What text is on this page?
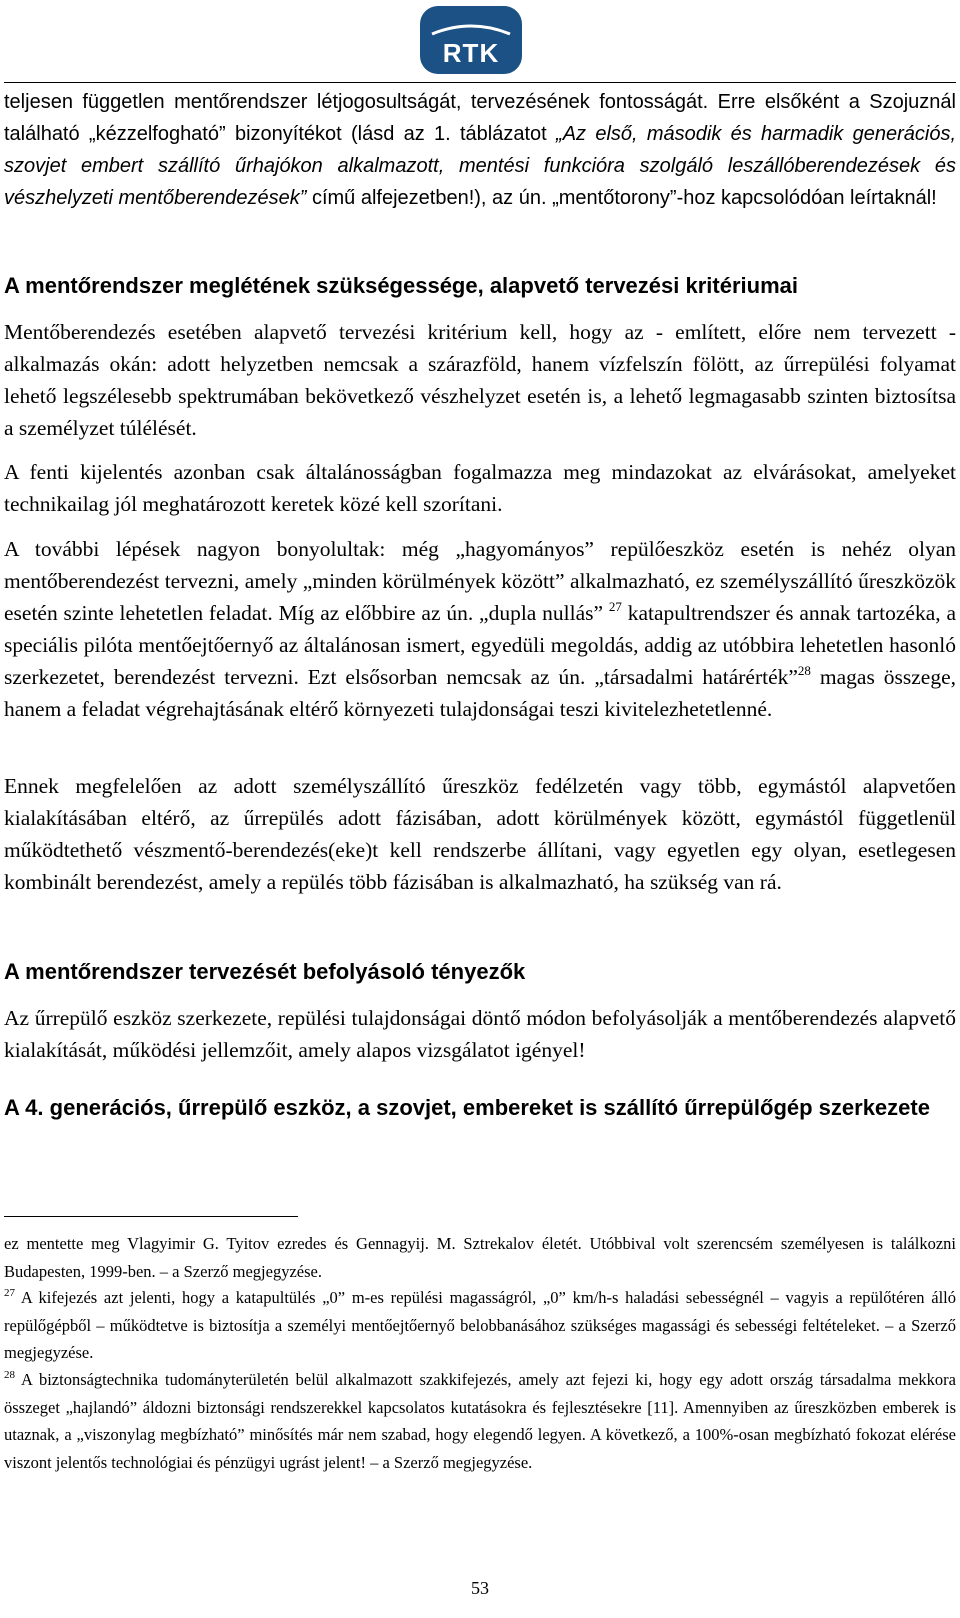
RTK

teljesen független mentőrendszer létjogosultságát, tervezésének fontosságát. Erre elsőként a Szojuznál található „kézzelfogható” bizonyítékot (lásd az 1. táblázatot „Az első, második és harmadik generációs, szovjet embert szállító űrhajókon alkalmazott, mentési funkcióra szolgáló leszállóberendezések és vészhelyzeti mentőberendezések” című alfejezetben!), az ún. „mentőtorony”-hoz kapcsolódóan leírtaknál!

A mentőrendszer meglétének szükségessége, alapvető tervezési kritériumai

Mentőberendezés esetében alapvető tervezési kritérium kell, hogy az - említett, előre nem tervezett - alkalmazás okán: adott helyzetben nemcsak a szárazföld, hanem vízfelszín fölött, az űrrepülési folyamat lehető legszélesebb spektrumában bekövetkező vészhelyzet esetén is, a lehető legmagasabb szinten biztosítsa a személyzet túlélését.

A fenti kijelentés azonban csak általánosságban fogalmazza meg mindazokat az elvárásokat, amelyeket technikailag jól meghatározott keretek közé kell szorítani.

A további lépések nagyon bonyolultak: még „hagyományos” repülőeszköz esetén is nehéz olyan mentőberendezést tervezni, amely „minden körülmények között” alkalmazható, ez személyszállító űreszközök esetén szinte lehetetlen feladat. Míg az előbbire az ún. „dupla nullás” $^{27}$ katapultrendszer és annak tartozéka, a speciális pilóta mentőejtőernyő az általánosan ismert, egyedüli megoldás, addig az utóbbira lehetetlen hasonló szerkezetet, berendezést tervezni. Ezt elsősorban nemcsak az ún. „társadalmi határérték”$^{28}$ magas összege, hanem a feladat végrehajtásának eltérő környezeti tulajdonságai teszi kivitelezhetetlenné.

Ennek megfelelően az adott személyszállító űreszköz fedélzetén vagy több, egymástól alapvetően kialakításában eltérő, az űrrepülés adott fázisában, adott körülmények között, egymástól függetlenül működtethető vészmentő-berendezés(eke)t kell rendszerbe állítani, vagy egyetlen egy olyan, esetlegesen kombinált berendezést, amely a repülés több fázisában is alkalmazható, ha szükség van rá.

A mentőrendszer tervezését befolyásoló tényezők

Az űrrepülő eszköz szerkezete, repülési tulajdonságai döntő módon befolyásolják a mentőberendezés alapvető kialakítását, működési jellemzőit, amely alapos vizsgálatot igényel!

A 4. generációs, űrrepülő eszköz, a szovjet, embereket is szállító űrrepülőgép szerkezete

ez mentette meg Vlagyimir G. Tyitov ezredes és Gennagyij. M. Sztrekalov életét. Utóbbival volt szerencsém személyesen is találkozni Budapesten, 1999-ben. – a Szerző megjegyzése.

$^{27}$ A kifejezés azt jelenti, hogy a katapultülés „0” m-es repülési magasságról, „0” km/h-s haladási sebességnél – vagyis a repülőtéren álló repülőgépből – működtetve is biztosítja a személyi mentőejtőernyő belobbanásához szükséges magassági és sebességi feltételeket. – a Szerző megjegyzése.

$^{28}$ A biztonságtechnika tudományterületén belül alkalmazott szakkifejezés, amely azt fejezi ki, hogy egy adott ország társadalma mekkora összeget „hajlandó” áldozni biztonsági rendszerekkel kapcsolatos kutatásokra és fejlesztésekre [11]. Amennyiben az űreszközben emberek is utaznak, a „viszonylag megbízható” minősítés már nem szabad, hogy elegendő legyen. A következő, a 100%-osan megbízható fokozat elérése viszont jelentős technológiai és pénzügyi ugrást jelent! – a Szerző megjegyzése.

53
